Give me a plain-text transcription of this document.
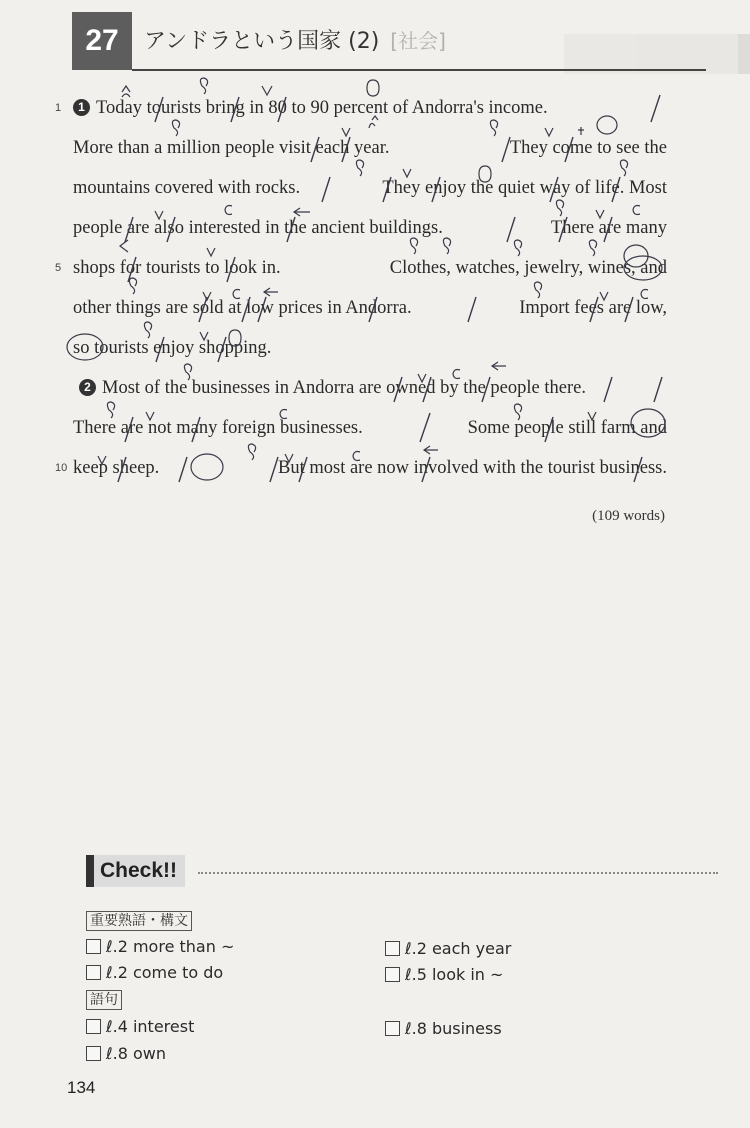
27	アンドラという国家 (2) [社会]
1	1 Today tourists bring in 80 to 90 percent of Andorra's income.
More than a million people visit each year.	They come to see the
mountains covered with rocks.	They enjoy the quiet way of life. Most
people are also interested in the ancient buildings.	There are many
5 shops for tourists to look in.	Clothes, watches, jewelry, wines, and
other things are sold at low prices in Andorra.	Import fees are low,
so tourists enjoy shopping.
2 Most of the businesses in Andorra are owned by the people there.
There are not many foreign businesses.	Some people still farm and
10 keep sheep.	But most are now involved with the tourist business.
(109 words)
Check!!
重要熟語・構文
ℓ.2 more than ~	ℓ.2 each year
ℓ.2 come to do	ℓ.5 look in ~
語句
ℓ.4 interest	ℓ.8 business
ℓ.8 own
134
